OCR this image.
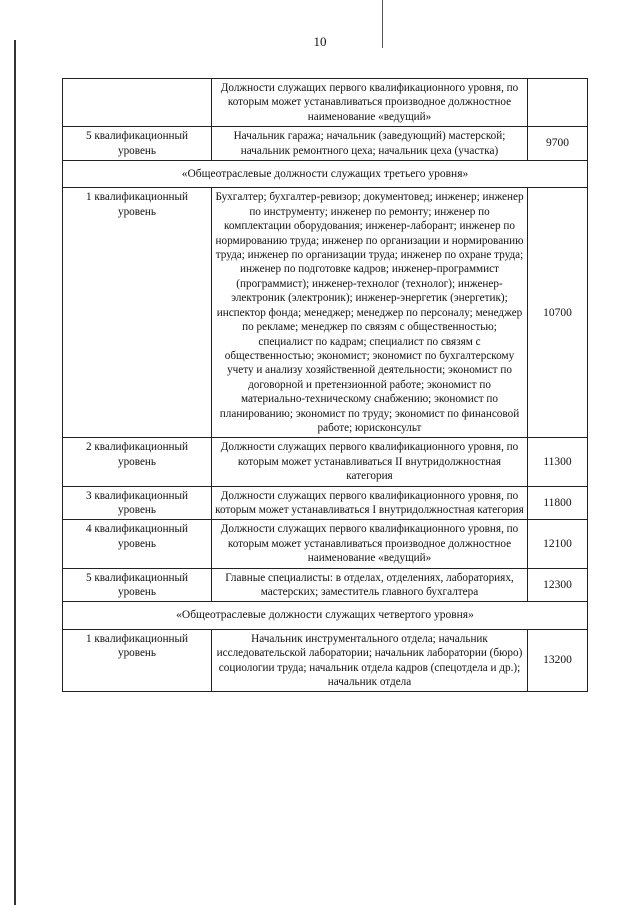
10
	Должности служащих первого квалификационного уровня, по которым может устанавливаться производное должностное наименование «ведущий»	
5 квалификационный уровень	Начальник гаража; начальник (заведующий) мастерской; начальник ремонтного цеха; начальник цеха (участка)	9700
«Общеотраслевые должности служащих третьего уровня»		
1 квалификационный уровень	Бухгалтер; бухгалтер-ревизор; документовед; инженер; инженер по инструменту; инженер по ремонту; инженер по комплектации оборудования; инженер-лаборант; инженер по нормированию труда; инженер по организации и нормированию труда; инженер по организации труда; инженер по охране труда; инженер по подготовке кадров; инженер-программист (программист); инженер-технолог (технолог); инженер-электроник (электроник); инженер-энергетик (энергетик); инспектор фонда; менеджер; менеджер по персоналу; менеджер по рекламе; менеджер по связям с общественностью; специалист по кадрам; специалист по связям с общественностью; экономист; экономист по бухгалтерскому учету и анализу хозяйственной деятельности; экономист по договорной и претензионной работе; экономист по материально-техническому снабжению; экономист по планированию; экономист по труду; экономист по финансовой работе; юрисконсульт	10700
2 квалификационный уровень	Должности служащих первого квалификационного уровня, по которым может устанавливаться II внутридолжностная категория	11300
3 квалификационный уровень	Должности служащих первого квалификационного уровня, по которым может устанавливаться I внутридолжностная категория	11800
4 квалификационный уровень	Должности служащих первого квалификационного уровня, по которым может устанавливаться производное должностное наименование «ведущий»	12100
5 квалификационный уровень	Главные специалисты: в отделах, отделениях, лабораториях, мастерских; заместитель главного бухгалтера	12300
«Общеотраслевые должности служащих четвертого уровня»		
1 квалификационный уровень	Начальник инструментального отдела; начальник исследовательской лаборатории; начальник лаборатории (бюро) социологии труда; начальник отдела кадров (спецотдела и др.); начальник отдела	13200
